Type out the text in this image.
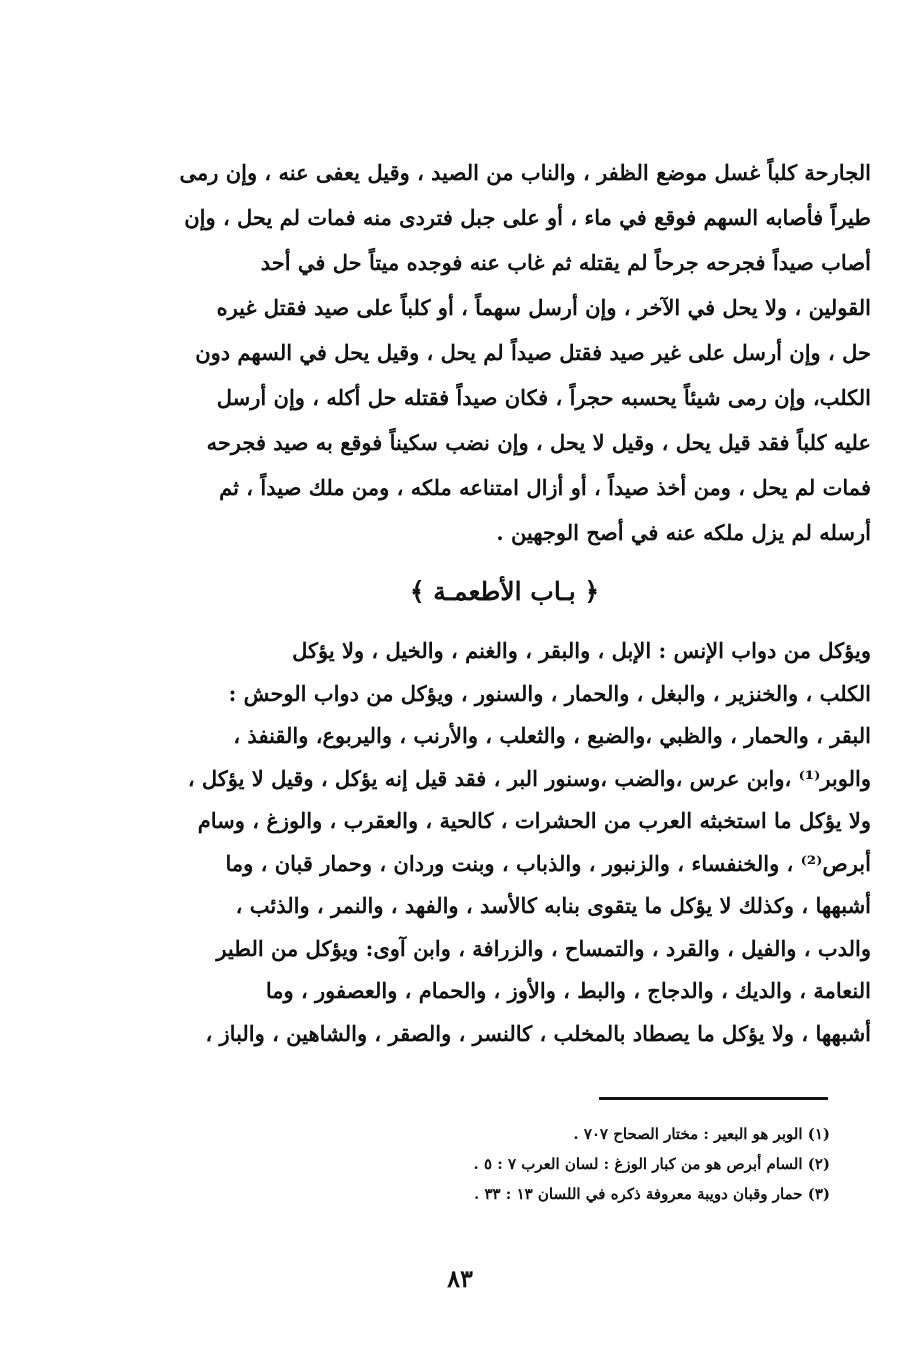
الجارحة كلباً غسل موضع الظفر ، والناب من الصيد ، وقيل يعفى عنه ، وإن رمى
طيراً فأصابه السهم فوقع في ماء ، أو على جبل فتردى منه فمات لم يحل ، وإن
أصاب صيداً فجرحه جرحاً لم يقتله ثم غاب عنه فوجده ميتاً حل في أحد
القولين ، ولا يحل في الآخر ، وإن أرسل سهماً ، أو كلباً على صيد فقتل غيره
حل ، وإن أرسل على غير صيد فقتل صيداً لم يحل ، وقيل يحل في السهم دون
الكلب، وإن رمى شيئاً يحسبه حجراً ، فكان صيداً فقتله حل أكله ، وإن أرسل
عليه كلباً فقد قيل يحل ، وقيل لا يحل ، وإن نضب سكيناً فوقع به صيد فجرحه
فمات لم يحل ، ومن أخذ صيداً ، أو أزال امتناعه ملكه ، ومن ملك صيداً ، ثم
أرسله لم يزل ملكه عنه في أصح الوجهين .
﴿ بـاب الأطعمـة ﴾
ويؤكل من دواب الإنس : الإبل ، والبقر ، والغنم ، والخيل ، ولا يؤكل
الكلب ، والخنزير ، والبغل ، والحمار ، والسنور ، ويؤكل من دواب الوحش :
البقر ، والحمار ، والظبي ،والضبع ، والثعلب ، والأرنب ، واليربوع، والقنفذ ،
والوبر⁽¹⁾ ،وابن عرس ،والضب ،وسنور البر ، فقد قيل إنه يؤكل ، وقيل لا يؤكل ،
ولا يؤكل ما استخبثه العرب من الحشرات ، كالحية ، والعقرب ، والوزغ ، وسام
أبرص⁽²⁾ ، والخنفساء ، والزنبور ، والذباب ، وبنت وردان ، وحمار قبان ، وما
أشبهها ، وكذلك لا يؤكل ما يتقوى بنابه كالأسد ، والفهد ، والنمر ، والذئب ،
والدب ، والفيل ، والقرد ، والتمساح ، والزرافة ، وابن آوى: ويؤكل من الطير
النعامة ، والديك ، والدجاج ، والبط ، والأوز ، والحمام ، والعصفور ، وما
أشبهها ، ولا يؤكل ما يصطاد بالمخلب ، كالنسر ، والصقر ، والشاهين ، والباز ،
(١) الوبر هو البعير : مختار الصحاح ٧٠٧ .
(٢) السام أبرص هو من كبار الوزغ : لسان العرب ٧ : ٥ .
(٣) حمار وقبان دويبة معروفة ذكره في اللسان ١٣ : ٣٣ .
٨٣
